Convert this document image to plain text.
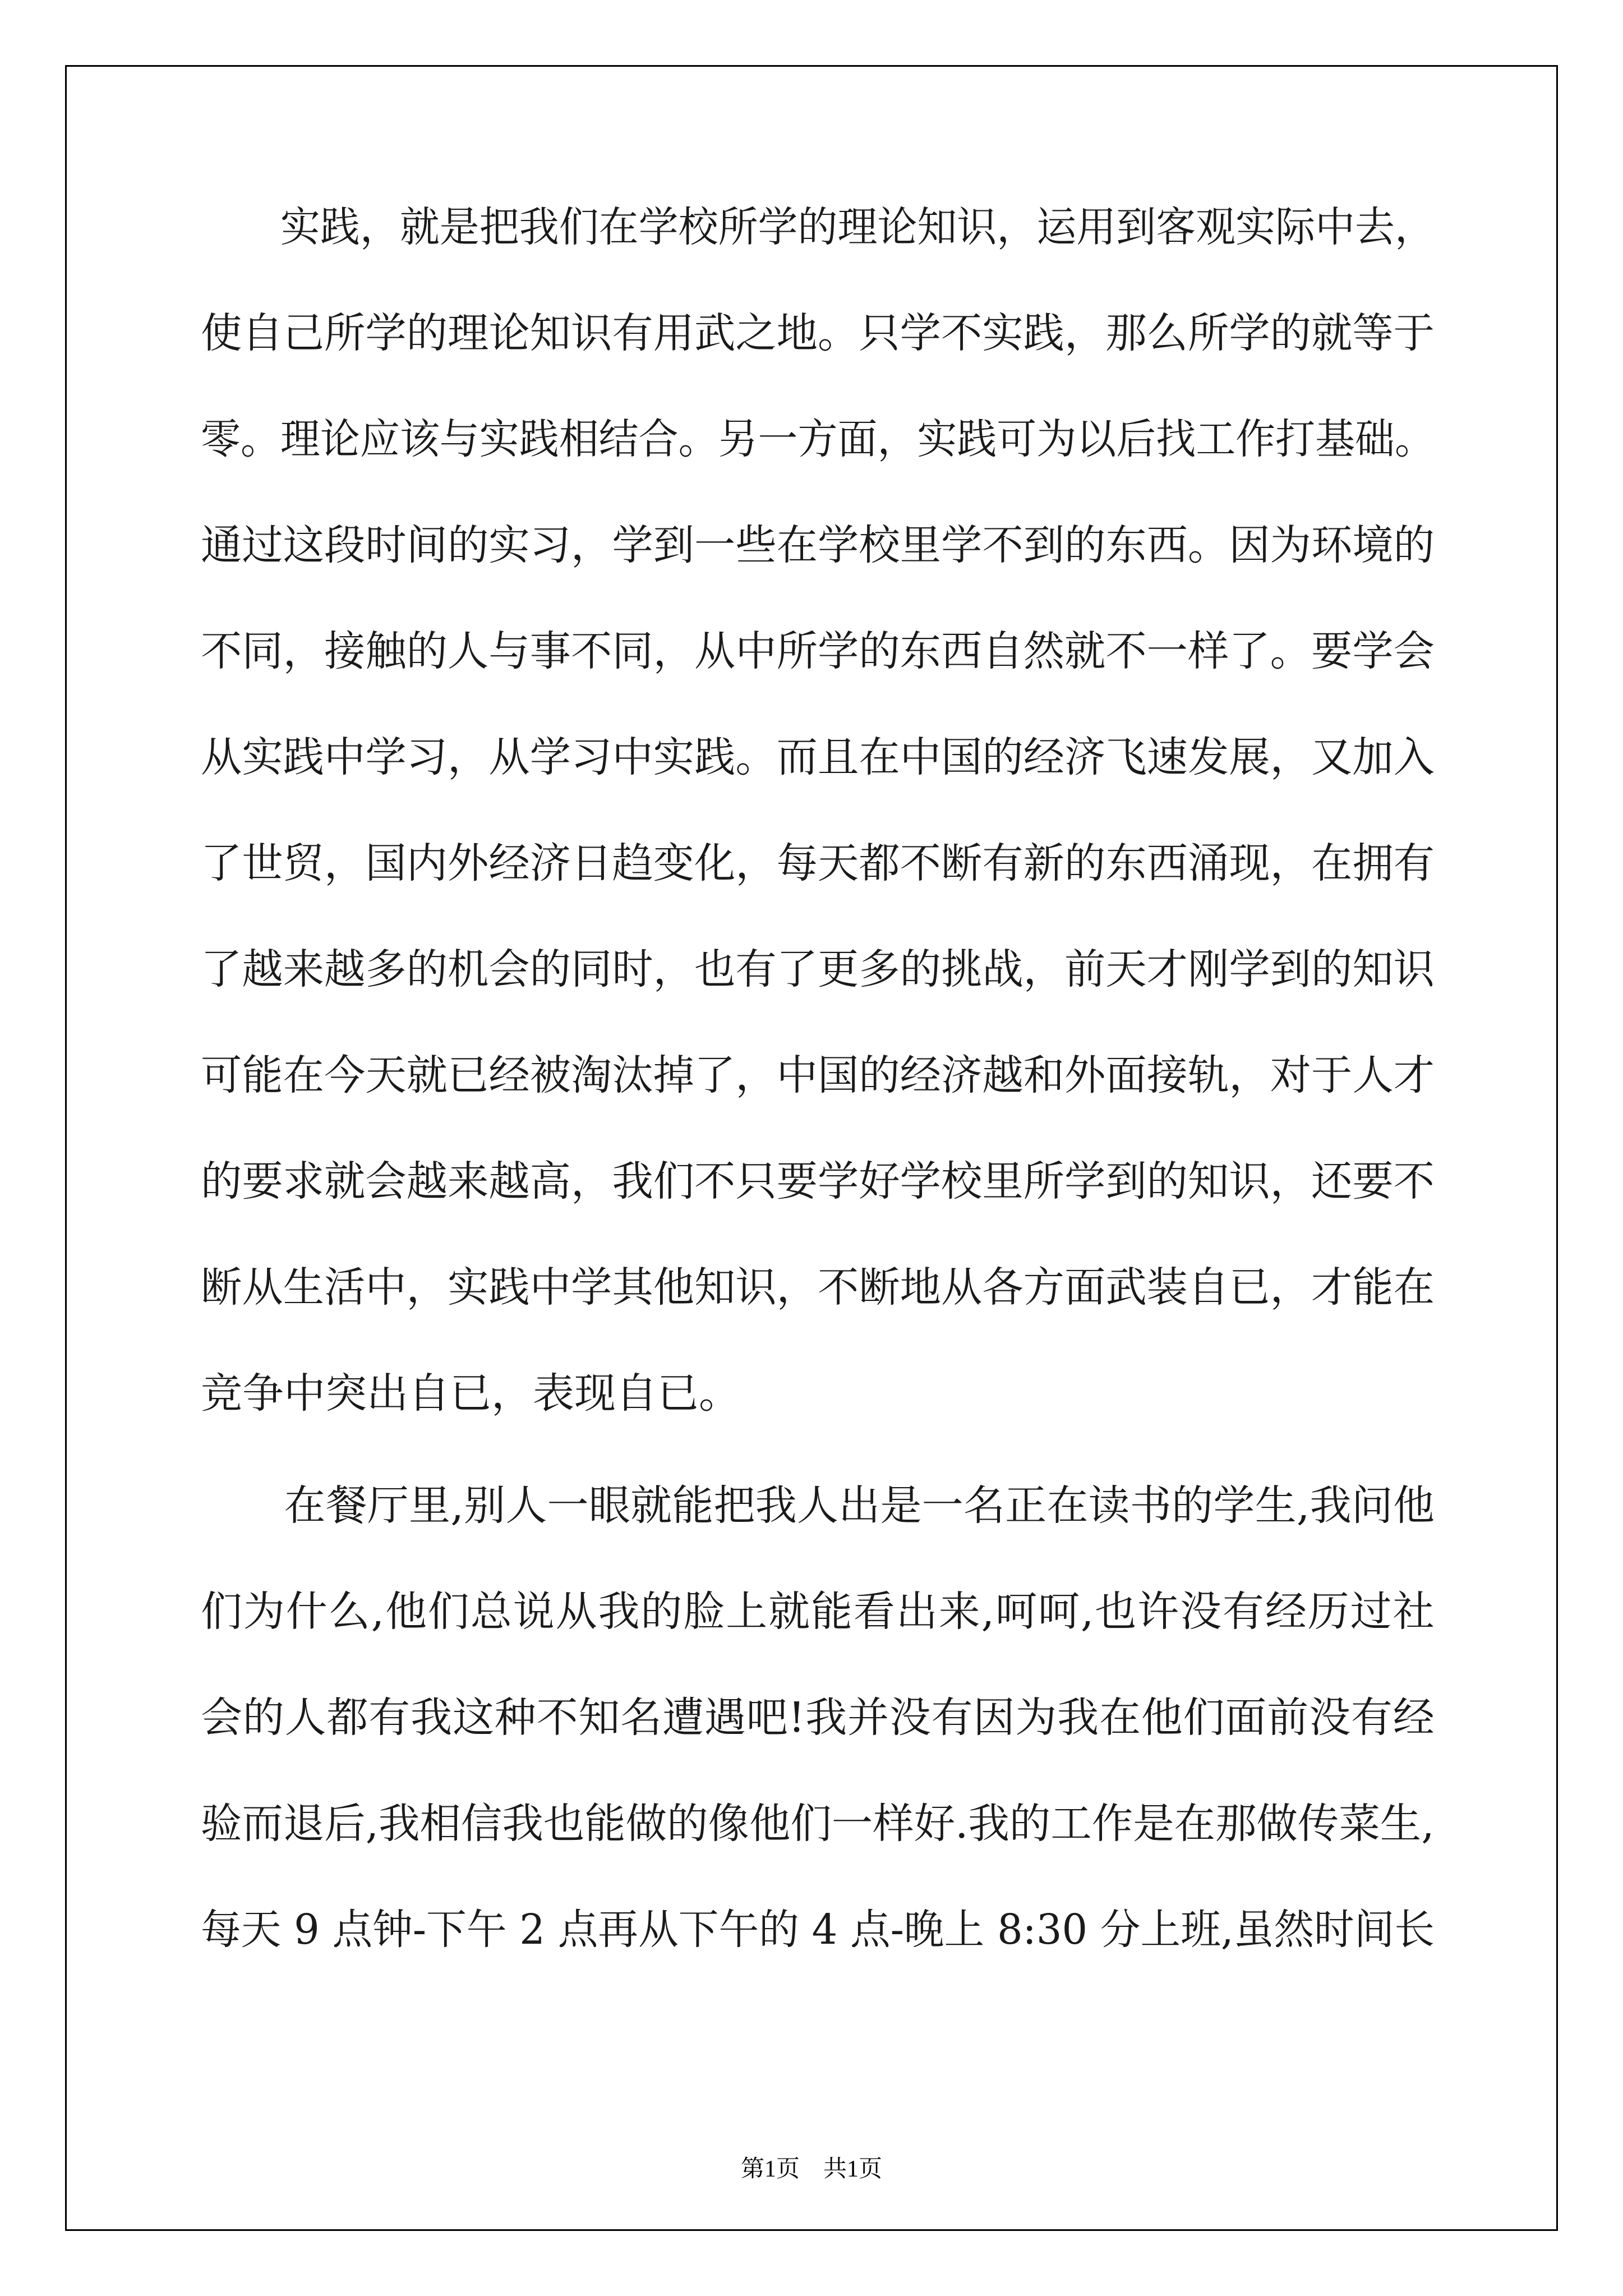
　　实践，就是把我们在学校所学的理论知识，运用到客观实际中去，
使自己所学的理论知识有用武之地。只学不实践，那么所学的就等于
零。理论应该与实践相结合。另一方面，实践可为以后找工作打基础。
通过这段时间的实习，学到一些在学校里学不到的东西。因为环境的
不同，接触的人与事不同，从中所学的东西自然就不一样了。要学会
从实践中学习，从学习中实践。而且在中国的经济飞速发展，又加入
了世贸，国内外经济日趋变化，每天都不断有新的东西涌现，在拥有
了越来越多的机会的同时，也有了更多的挑战，前天才刚学到的知识
可能在今天就已经被淘汰掉了，中国的经济越和外面接轨，对于人才
的要求就会越来越高，我们不只要学好学校里所学到的知识，还要不
断从生活中，实践中学其他知识，不断地从各方面武装自已，才能在
竞争中突出自已，表现自已。
　　在餐厅里,别人一眼就能把我人出是一名正在读书的学生,我问他
们为什么,他们总说从我的脸上就能看出来,呵呵,也许没有经历过社
会的人都有我这种不知名遭遇吧!我并没有因为我在他们面前没有经
验而退后,我相信我也能做的像他们一样好.我的工作是在那做传菜生,
每天 9 点钟-下午 2 点再从下午的 4 点-晚上 8:30 分上班,虽然时间长
第1页　共1页
